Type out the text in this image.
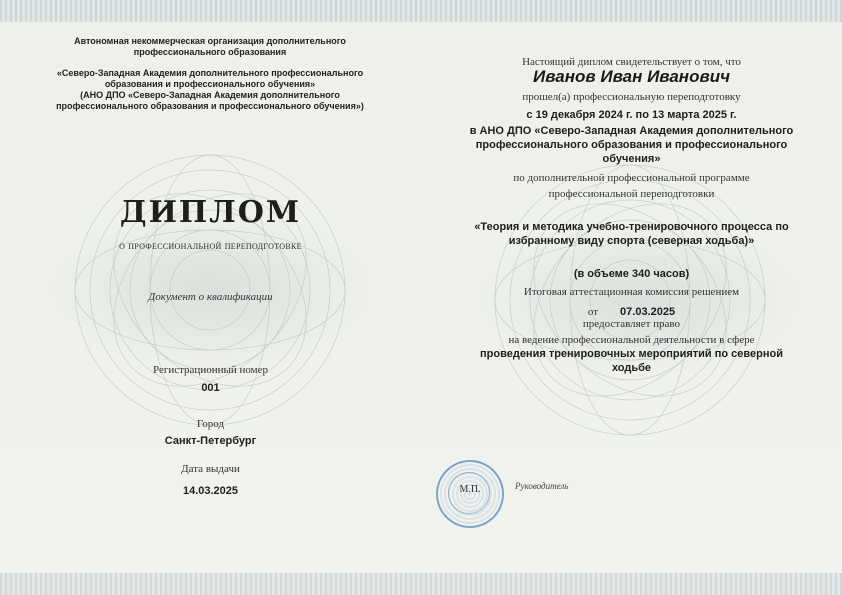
Автономная некоммерческая организация дополнительного
профессионального образования
«Северо-Западная Академия дополнительного профессионального
образования и профессионального обучения»
(АНО ДПО «Северо-Западная Академия дополнительного
профессионального образования и профессионального обучения»)
ДИПЛОМ
о профессиональной переподготовке
Документ о квалификации
Регистрационный номер
001
Город
Санкт-Петербург
Дата выдачи
14.03.2025
Настоящий диплом свидетельствует о том, что
Иванов Иван Иванович
прошел(а) профессиональную переподготовку
с 19 декабря 2024 г. по 13 марта 2025 г.
в АНО ДПО «Северо-Западная Академия дополнительного
профессионального образования и профессионального
обучения»
по дополнительной профессиональной программе
профессиональной переподготовки
«Теория и методика учебно-тренировочного процесса по
избранному виду спорта (северная ходьба)»
(в объеме 340 часов)
Итоговая аттестационная комиссия решением
от 07.03.2025
предоставляет право
на ведение профессиональной деятельности в сфере
проведения тренировочных мероприятий по северной
ходьбе
М.П.	Руководитель
